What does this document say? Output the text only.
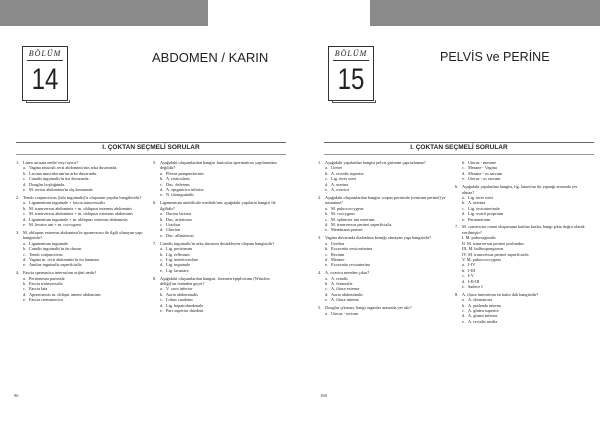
BÖLÜM
14
ABDOMEN / KARIN
I. ÇOKTAN SEÇMELİ SORULAR
1. Linea arcuata nedir/ neyi ayırır?
a. Vagina musculi recti abdominis'nin arka duvarında.
b. Lacuna musculorum'un arka duvarında.
c. Canalis inguinalis'in üst duvarında.
d. Douglas boşluğunda.
e. M. rectus abdominis'in dış kenarında.
2. Tendo conjunctivus (falx inguinalis)'u oluşturan yapılar hangileridir?
a. Ligamentum inguinale + fascia transversalis
b. M. transversus abdominis + m. obliquus internus abdominis
c. M. transversus abdominis + m. obliquus externus abdominis
d. Ligamentum inguinale + m. obliquus externus abdominis
e. M. levator ani + m. coccygeus
3. M. obliquus externus abdominis'in aponevrozu ile ilgili olmayan yapı hangisidir?
a. Ligamentum inguinale
b. Canalis inguinalis'in ön duvarı
c. Tendo conjunctivus
d. Vagina m. recti abdominis'in ön laminası
e. Anulus inguinalis superficialis
4. Fascia spermatica interna'nın orijini nedir?
a. Peritoneum parietale
b. Fascia transversalis
c. Fascia lata
d. Aponeurosis m. obliqui interni abdominis
e. Fascia cremasterica
5. Aşağıdaki oluşumlardan hangisi funiculus spermaticus yapılarından değildir?
a. Plexus pampiniformis
b. A. testicularis
c. Duc. deferens
d. A. epigastrica inferior
e. N. ilioinguinalis
6. Ligamentum umbilicale mediale'nin, aşağıdaki yapıların hangisi ile ilgilidir?
a. Ductus lacteus
b. Duc. arteriosus
c. Urachus
d. Chorion
e. Duc. allantoicus
7. Canalis inguinalis'in arka duvarını destekleyen oluşum hangisidir?
a. Lig. pectineum
b. Lig. reflexum
c. Lig. interfoveolare
d. Lig. inguinale
e. Lig. lacunare
8. Aşağıdaki oluşumlardan hangisi, foramen epiploicum (Winslow deliği)'un önünden geçer?
a. V. cava inferior
b. Aorta abdominalis
c. Lobus caudatus
d. Lig. hepatoduodenale
e. Pars superior duodeni
96
BÖLÜM
15
PELVİS ve PERİNE
I. ÇOKTAN SEÇMELİ SORULAR
1. Aşağıdaki yapılardan hangisi pelvis girimini çaprazlamaz?
a. Ureter
b. A. rectalis superior
c. Lig. teres uteri
d. A. uterina
e. A. ovarica
2. Aşağıdaki oluşumlardan hangisi corpus perineale (centrum perinei)'ye tutunmaz?
a. M. pubococcygeus
b. M. coccygeus
c. M. sphincter ani externus
d. M. transversus perinei superficialis
e. Membrana perinei
3. Vagina duvarında diafradma kemiği olmayan yapı hangisidir?
a. Urethra
b. Excavatio vesicouterina
c. Rectum
d. Mesane
e. Excavatio rectouterina
4. A. ovarica nereden çıkar?
a. A. renalis
b. A. femoralis
c. A. iliaca externa
d. Aorta abdominalis
e. A. iliaca interna
5. Douglas çıkmazı, hangi organlar arasında yer alır?
a. Uterus - rectum
b. Uterus - mesane
c. Mesane - Vagina
d. Mesane - os sacrum
e. Uterus - os sacrum
6. Aşağıdaki yapılardan hangisi, lig. latum'un iki yaprağı arasında yer almaz?
a. Lig. teres uteri
b. A. uterina
c. Lig. rectouterinale
d. Lig. ovarii proprium
e. Parametrium
7. M. constrictor cunni oluşumuna katılan kaslar, hangi şıkta doğru olarak verilmiştir?
I. M. pubovaginalis
II. M. transversus perinei profundus
III. M. bulbospongiosus
IV. M. transversus perinei superficialis
V. M. puboccoccygeus
a. I-IV
b. I-III
c. I-V
d. I-II-III
e. Sadece I
8. A. iliaca interna'nın en kalın dalı hangisidir?
a. A. obturatoria
b. A. pudenda interna
c. A. glutea superior
d. A. glutea inferior
e. A. rectalis media
108
